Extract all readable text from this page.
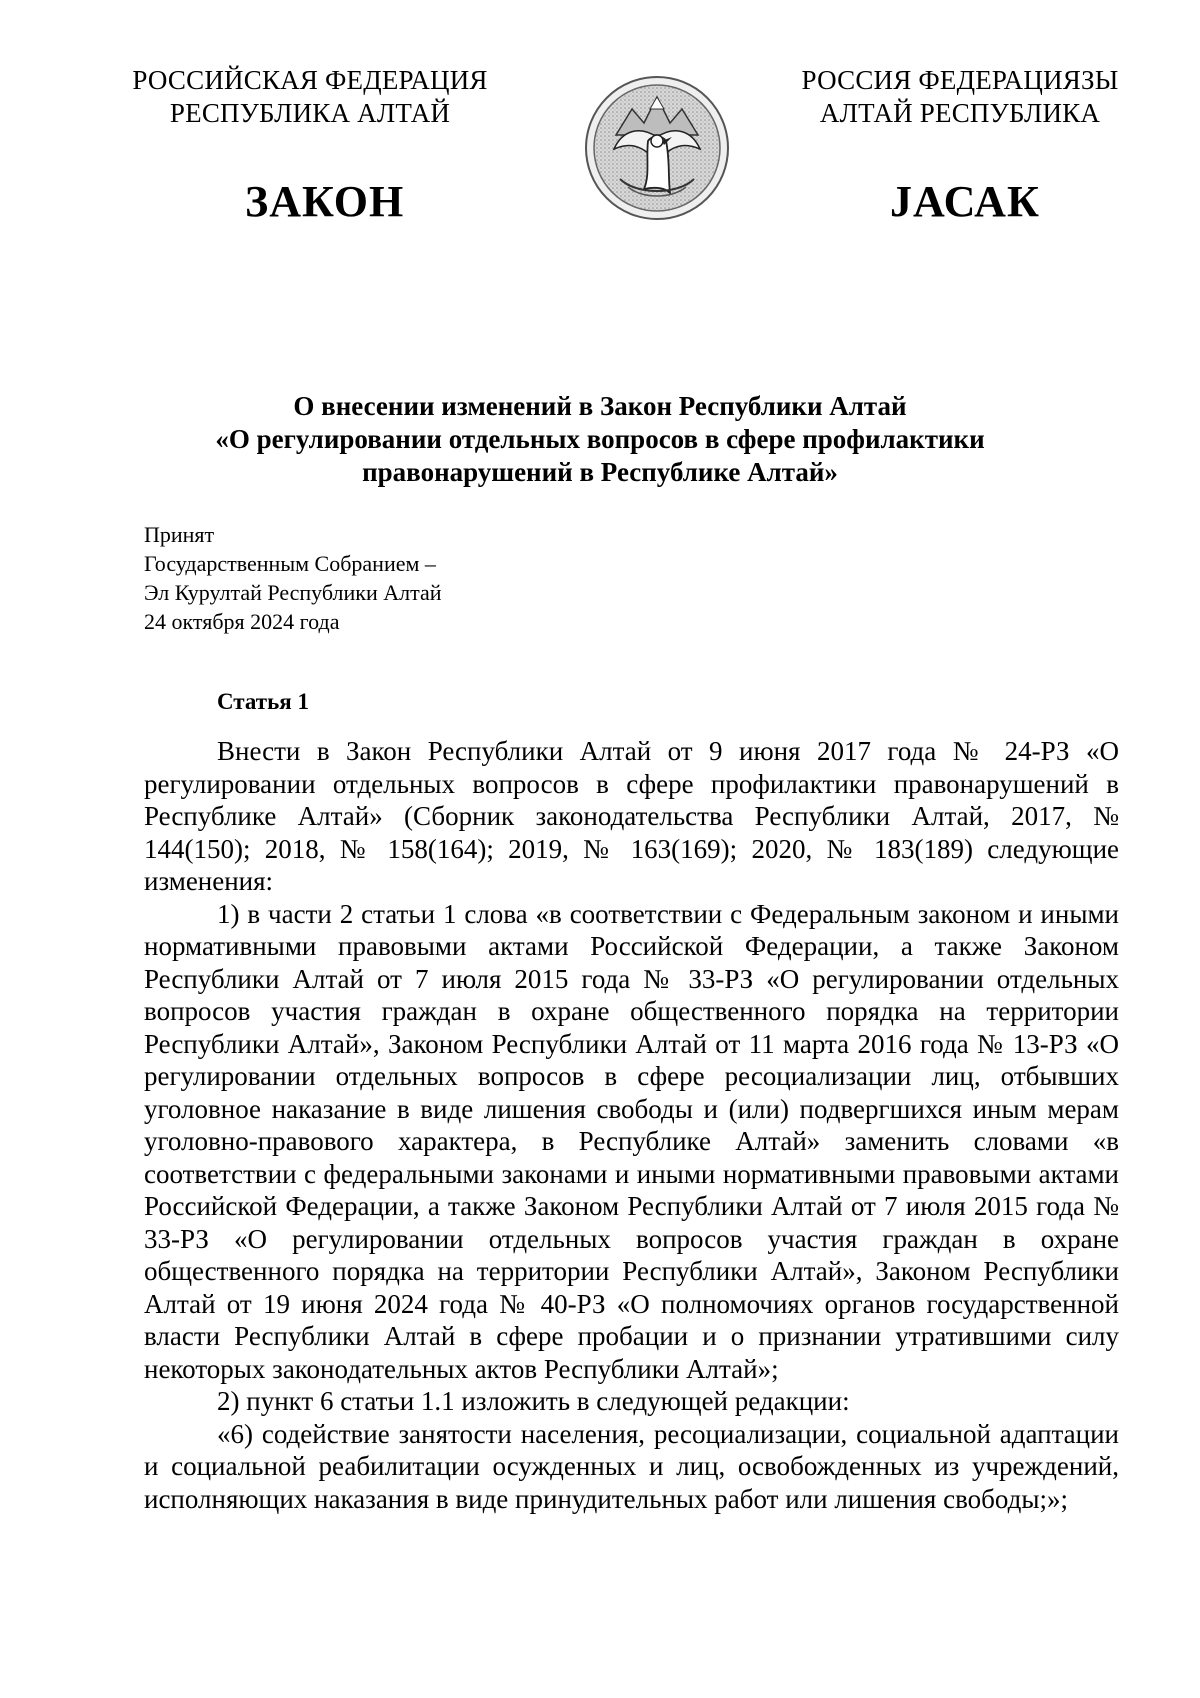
РОССИЙСКАЯ ФЕДЕРАЦИЯ
РЕСПУБЛИКА АЛТАЙ
РОССИЯ ФЕДЕРАЦИЯЗЫ
АЛТАЙ РЕСПУБЛИКА
ЗАКОН	ЈАСАК
О внесении изменений в Закон Республики Алтай
«О регулировании отдельных вопросов в сфере профилактики
правонарушений в Республике Алтай»
Принят
Государственным Собранием –
Эл Курултай Республики Алтай
24 октября 2024 года
Статья 1

Внести в Закон Республики Алтай от 9 июня 2017 года № 24-РЗ «О регулировании отдельных вопросов в сфере профилактики правонарушений в Республике Алтай» (Сборник законодательства Республики Алтай, 2017, № 144(150); 2018, № 158(164); 2019, № 163(169); 2020, № 183(189) следующие изменения:

1) в части 2 статьи 1 слова «в соответствии с Федеральным законом и иными нормативными правовыми актами Российской Федерации, а также Законом Республики Алтай от 7 июля 2015 года № 33-РЗ «О регулировании отдельных вопросов участия граждан в охране общественного порядка на территории Республики Алтай», Законом Республики Алтай от 11 марта 2016 года № 13-РЗ «О регулировании отдельных вопросов в сфере ресоциализации лиц, отбывших уголовное наказание в виде лишения свободы и (или) подвергшихся иным мерам уголовно-правового характера, в Республике Алтай» заменить словами «в соответствии с федеральными законами и иными нормативными правовыми актами Российской Федерации, а также Законом Республики Алтай от 7 июля 2015 года № 33-РЗ «О регулировании отдельных вопросов участия граждан в охране общественного порядка на территории Республики Алтай», Законом Республики Алтай от 19 июня 2024 года № 40-РЗ «О полномочиях органов государственной власти Республики Алтай в сфере пробации и о признании утратившими силу некоторых законодательных актов Республики Алтай»;

2) пункт 6 статьи 1.1 изложить в следующей редакции:

«6) содействие занятости населения, ресоциализации, социальной адаптации и социальной реабилитации осужденных и лиц, освобожденных из учреждений, исполняющих наказания в виде принудительных работ или лишения свободы;»;
